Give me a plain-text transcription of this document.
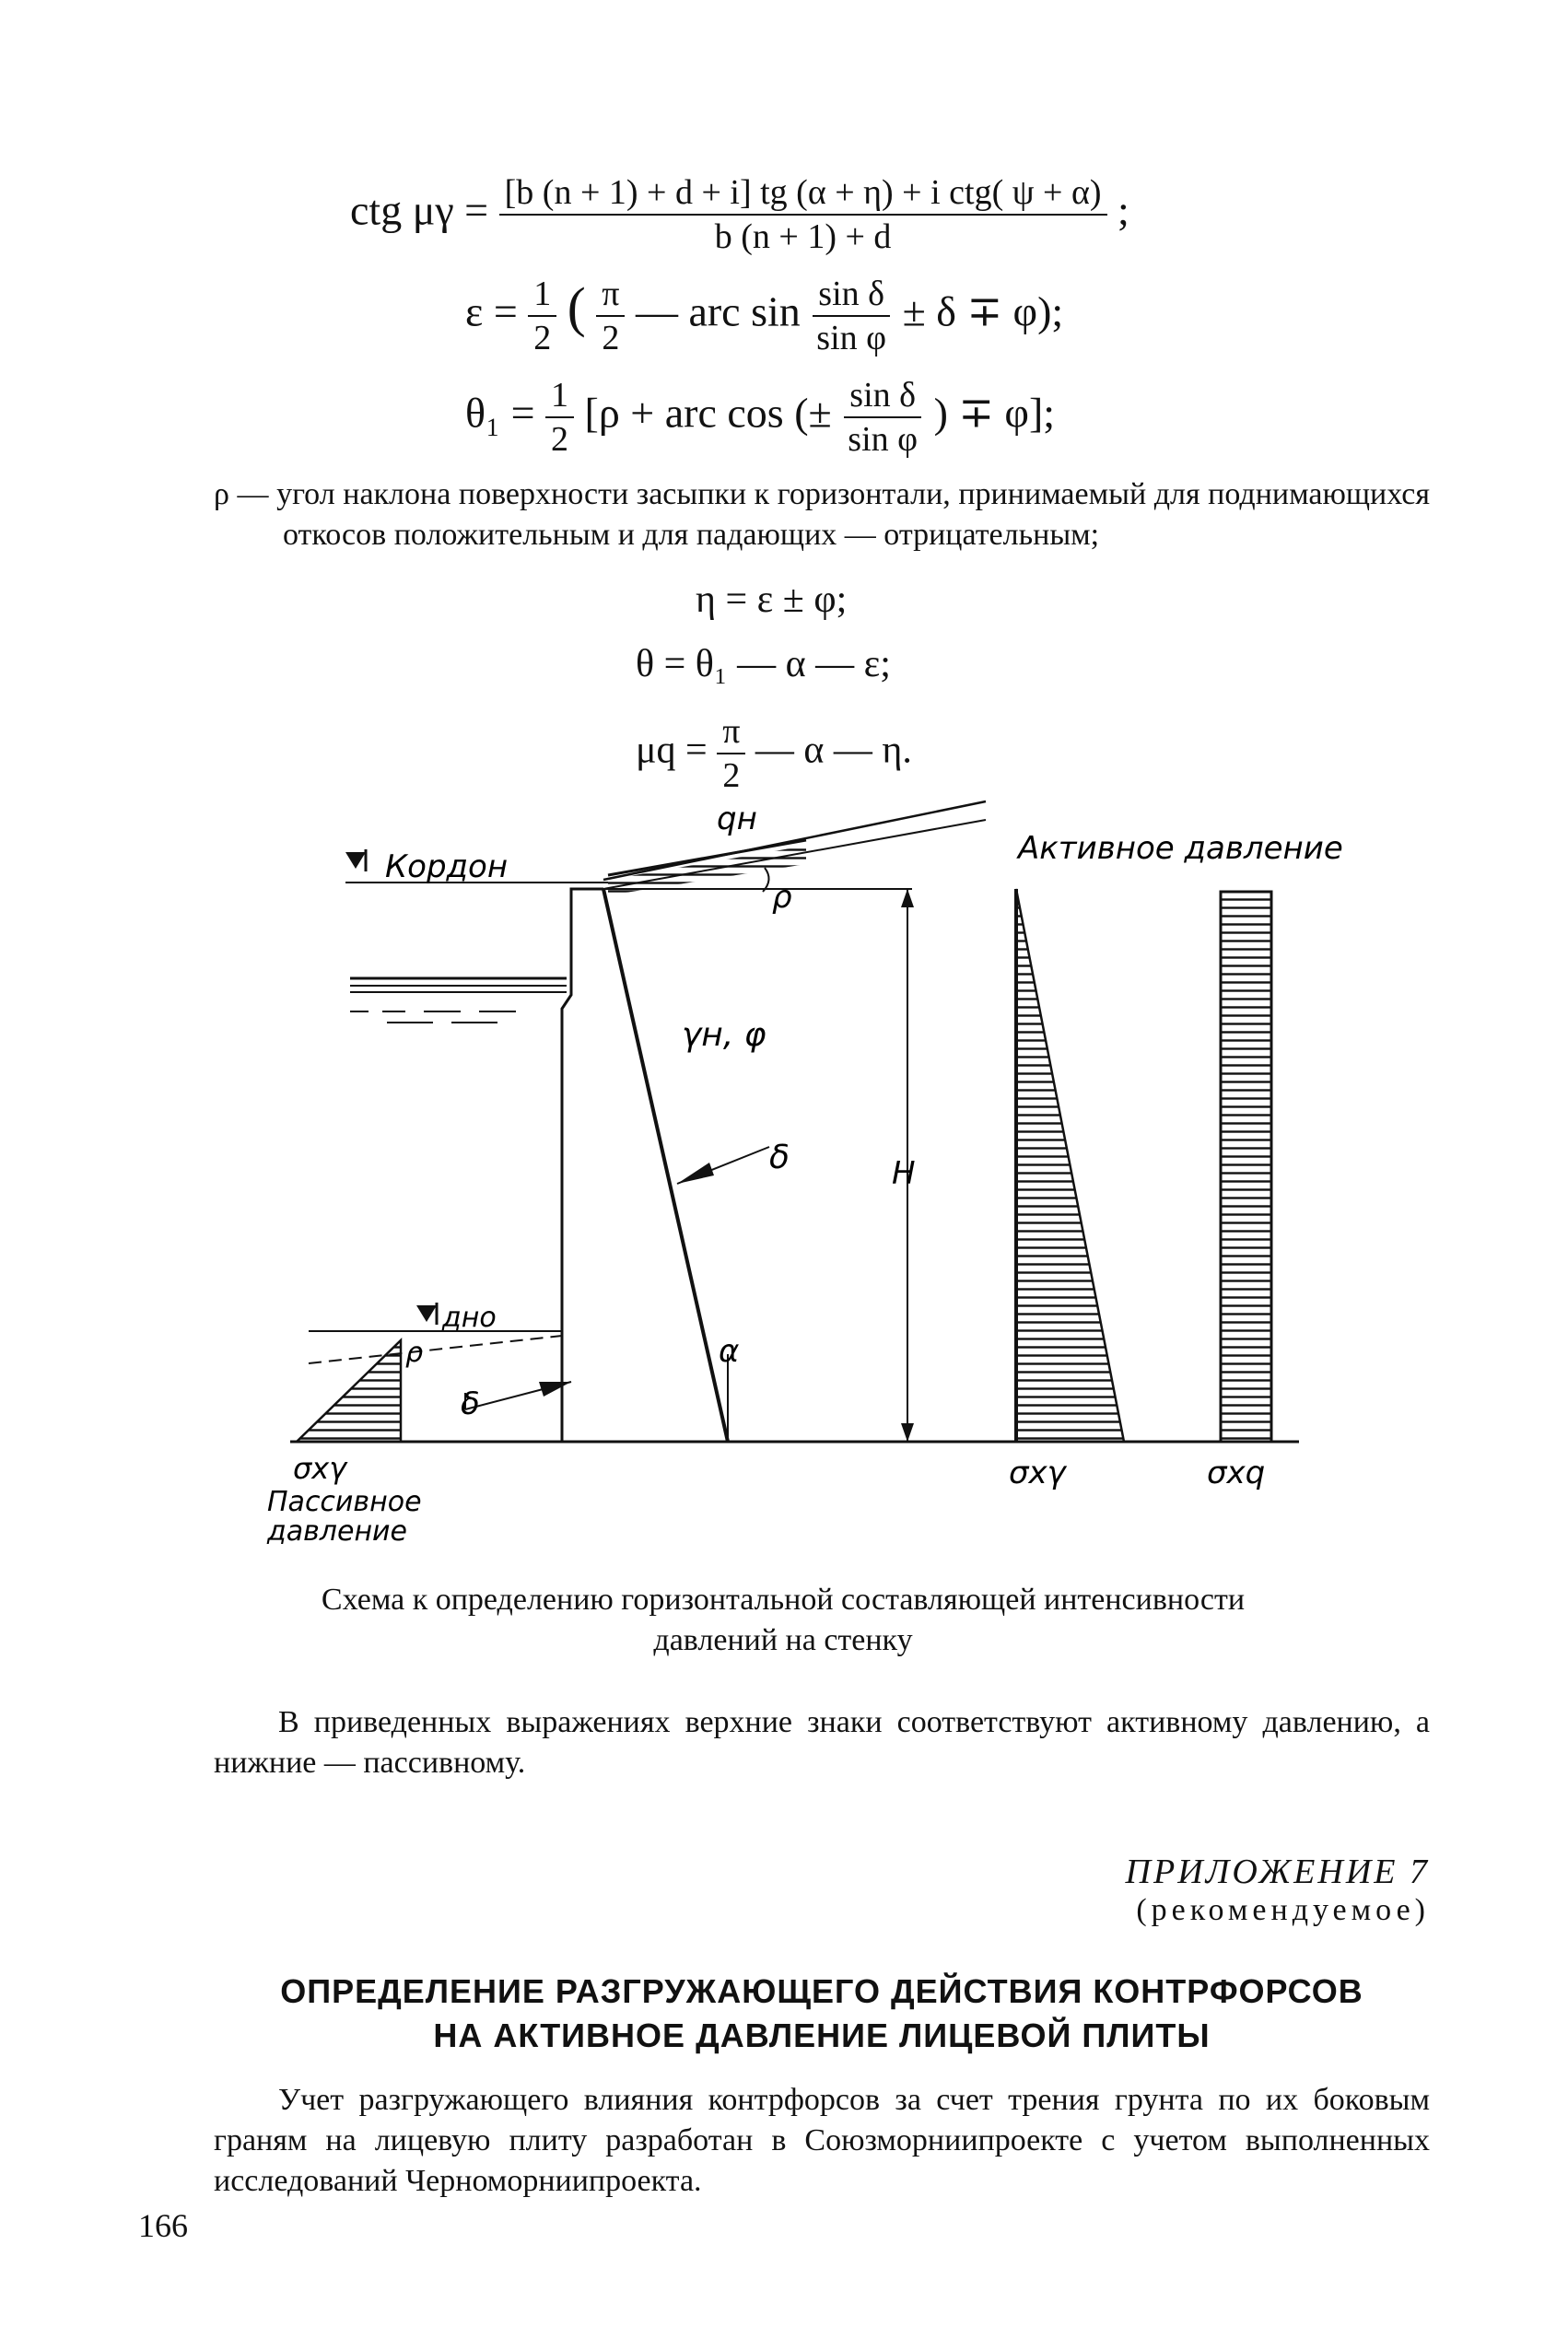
ctg $\mu\gamma = \frac{\text{[b (n + 1) + d + i] tg (α + η) + i ctg( ψ + α)}}{b (n + 1) + d}$ ;
$\varepsilon = \frac{1}{2}$ ( $\frac{\pi}{2}$ — arc $\sin \frac{\text{sin δ}}{\text{sin φ}} \pm \delta \mp \varphi$);
$\theta_1 = \frac{1}{2} [\rho$ + arc cos (± $\frac{\text{sin δ}}{\text{sin φ}}$ ) ∓ φ];
ρ — угол наклона поверхности засыпки к горизонтали, принимаемый для поднимающихся откосов положительным и для падающих — отрицательным;
η = ε ± φ;
θ = θ₁ — α — ε;
$\mu q = \frac{\pi}{2}$ — α — η.
Кордон
qн
Активное давление
ρ
γн, φ
δ	H
дно
ρ	α
δ
σxγ
Пассивное
давление
σxγ	σxq
Схема к определению горизонтальной составляющей интенсивности давлений на стенку
В приведенных выражениях верхние знаки соответствуют активному давлению, а нижние — пассивному.
ПРИЛОЖЕНИЕ 7
(рекомендуемое)
ОПРЕДЕЛЕНИЕ РАЗГРУЖАЮЩЕГО ДЕЙСТВИЯ КОНТРФОРСОВ
НА АКТИВНОЕ ДАВЛЕНИЕ ЛИЦЕВОЙ ПЛИТЫ
Учет разгружающего влияния контрфорсов за счет трения грунта по их боковым граням на лицевую плиту разработан в Союзморниипроекте с учетом выполненных исследований Черноморниипроекта.
166
